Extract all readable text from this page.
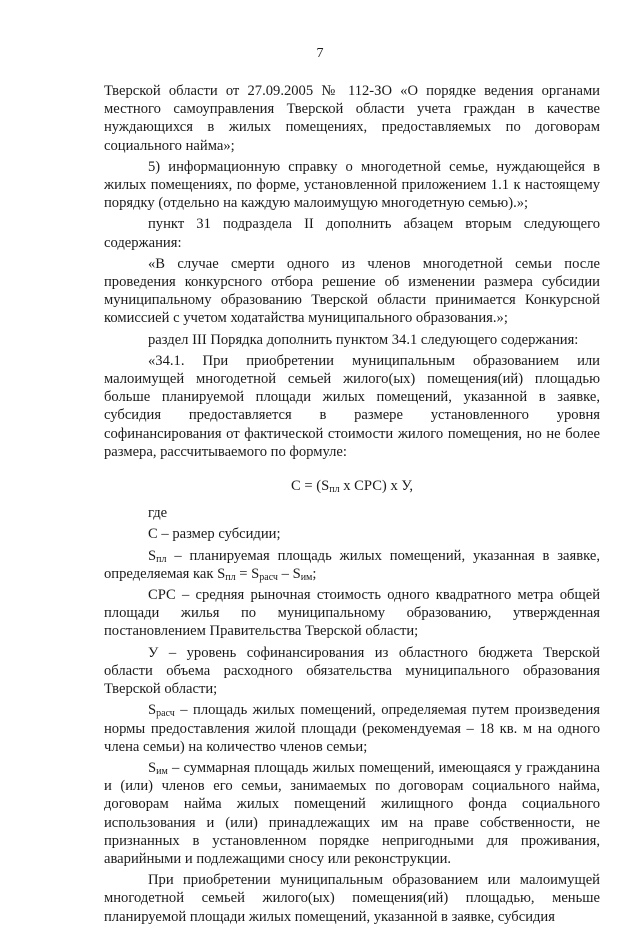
7

Тверской области от 27.09.2005 № 112-ЗО «О порядке ведения органами местного самоуправления Тверской области учета граждан в качестве нуждающихся в жилых помещениях, предоставляемых по договорам социального найма»;

5) информационную справку о многодетной семье, нуждающейся в жилых помещениях, по форме, установленной приложением 1.1 к настоящему порядку (отдельно на каждую малоимущую многодетную семью).»;

пункт 31 подраздела II дополнить абзацем вторым следующего содержания:

«В случае смерти одного из членов многодетной семьи после проведения конкурсного отбора решение об изменении размера субсидии муниципальному образованию Тверской области принимается Конкурсной комиссией с учетом ходатайства муниципального образования.»;

раздел III Порядка дополнить пунктом 34.1 следующего содержания:

«34.1. При приобретении муниципальным образованием или малоимущей многодетной семьей жилого(ых) помещения(ий) площадью больше планируемой площади жилых помещений, указанной в заявке, субсидия предоставляется в размере установленного уровня софинансирования от фактической стоимости жилого помещения, но не более размера, рассчитываемого по формуле:

$С = (S_{пл}$ х СРС) х У,

где

С – размер субсидии;

$S_{пл}$ – планируемая площадь жилых помещений, указанная в заявке, определяемая как $S_{пл} = S_{расч} - S_{им}$;

СРС – средняя рыночная стоимость одного квадратного метра общей площади жилья по муниципальному образованию, утвержденная постановлением Правительства Тверской области;

У – уровень софинансирования из областного бюджета Тверской области объема расходного обязательства муниципального образования Тверской области;

$S_{расч}$ – площадь жилых помещений, определяемая путем произведения нормы предоставления жилой площади (рекомендуемая – 18 кв. м на одного члена семьи) на количество членов семьи;

$S_{им}$ – суммарная площадь жилых помещений, имеющаяся у гражданина и (или) членов его семьи, занимаемых по договорам социального найма, договорам найма жилых помещений жилищного фонда социального использования и (или) принадлежащих им на праве собственности, не признанных в установленном порядке непригодными для проживания, аварийными и подлежащими сносу или реконструкции.

При приобретении муниципальным образованием или малоимущей многодетной семьей жилого(ых) помещения(ий) площадью, меньше планируемой площади жилых помещений, указанной в заявке, субсидия
